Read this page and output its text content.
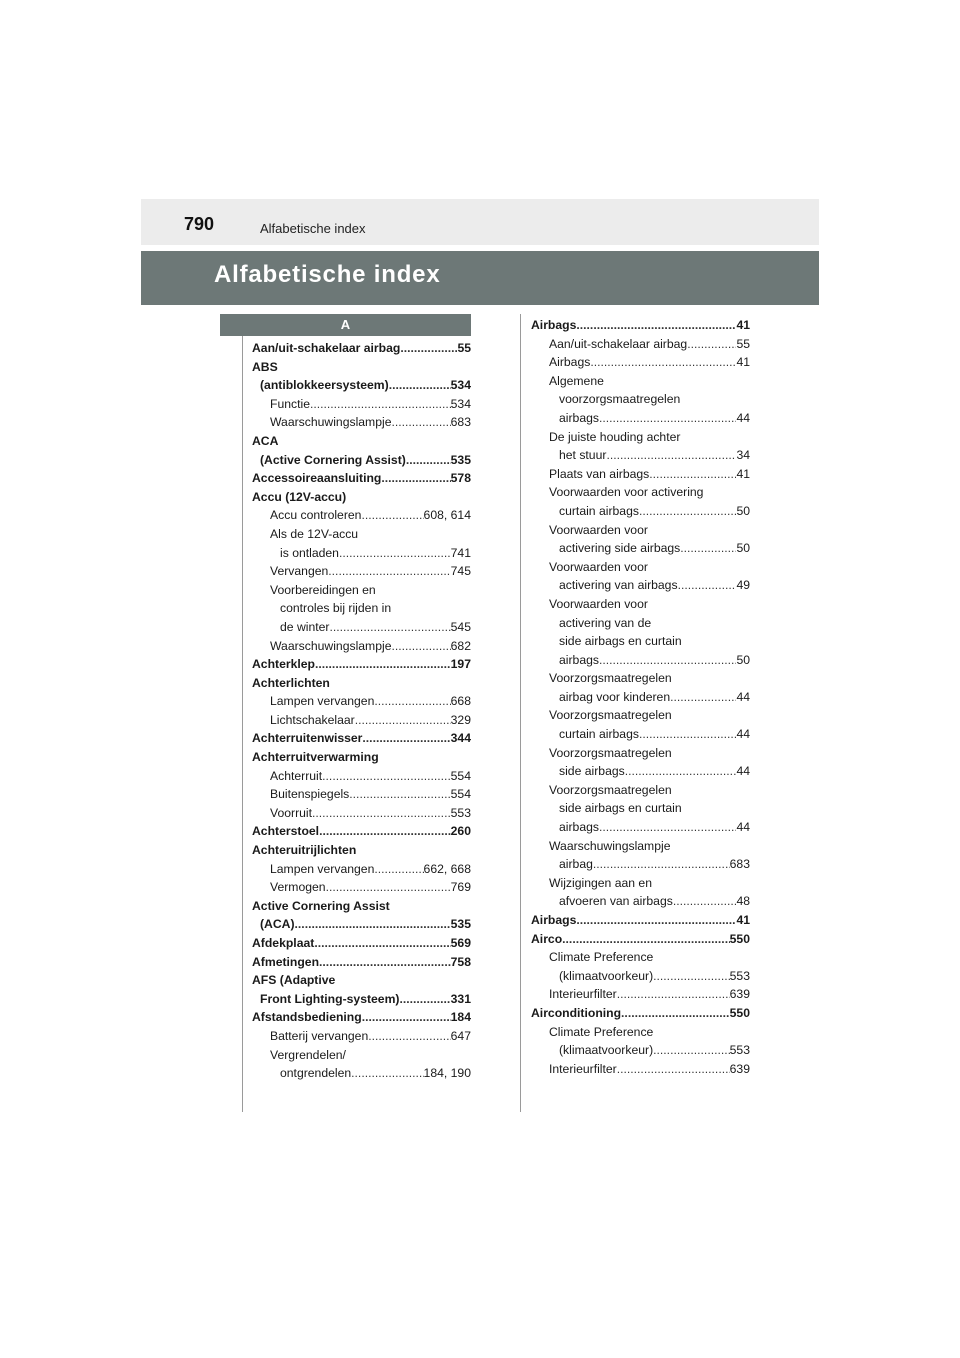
790	Alfabetische index
Alfabetische index
A
Aan/uit-schakelaar airbag .....	55
ABS
(antiblokkeersysteem) .....	534
Functie .....	534
Waarschuwingslampje .....	683
ACA
(Active Cornering Assist) .....	535
Accessoireaansluiting .....	578
Accu (12V-accu)
Accu controleren .....	608, 614
Als de 12V-accu
is ontladen .....	741
Vervangen .....	745
Voorbereidingen en
controles bij rijden in
de winter .....	545
Waarschuwingslampje .....	682
Achterklep .....	197
Achterlichten
Lampen vervangen .....	668
Lichtschakelaar .....	329
Achterruitenwisser .....	344
Achterruitverwarming
Achterruit .....	554
Buitenspiegels .....	554
Voorruit .....	553
Achterstoel .....	260
Achteruitrijlichten
Lampen vervangen .....	662, 668
Vermogen .....	769
Active Cornering Assist
(ACA) .....	535
Afdekplaat .....	569
Afmetingen .....	758
AFS (Adaptive
Front Lighting-systeem) .....	331
Afstandsbediening .....	184
Batterij vervangen .....	647
Vergrendelen/
ontgrendelen .....	184, 190
Airbags .....	41
Aan/uit-schakelaar airbag .....	55
Airbags .....	41
Algemene
voorzorgsmaatregelen
airbags .....	44
De juiste houding achter
het stuur .....	34
Plaats van airbags .....	41
Voorwaarden voor activering
curtain airbags .....	50
Voorwaarden voor
activering side airbags .....	50
Voorwaarden voor
activering van airbags .....	49
Voorwaarden voor
activering van de
side airbags en curtain
airbags .....	50
Voorzorgsmaatregelen
airbag voor kinderen .....	44
Voorzorgsmaatregelen
curtain airbags .....	44
Voorzorgsmaatregelen
side airbags .....	44
Voorzorgsmaatregelen
side airbags en curtain
airbags .....	44
Waarschuwingslampje
airbag .....	683
Wijzigingen aan en
afvoeren van airbags .....	48
Airbags .....	41
Airco .....	550
Climate Preference
(klimaatvoorkeur) .....	553
Interieurfilter .....	639
Airconditioning .....	550
Climate Preference
(klimaatvoorkeur) .....	553
Interieurfilter .....	639
